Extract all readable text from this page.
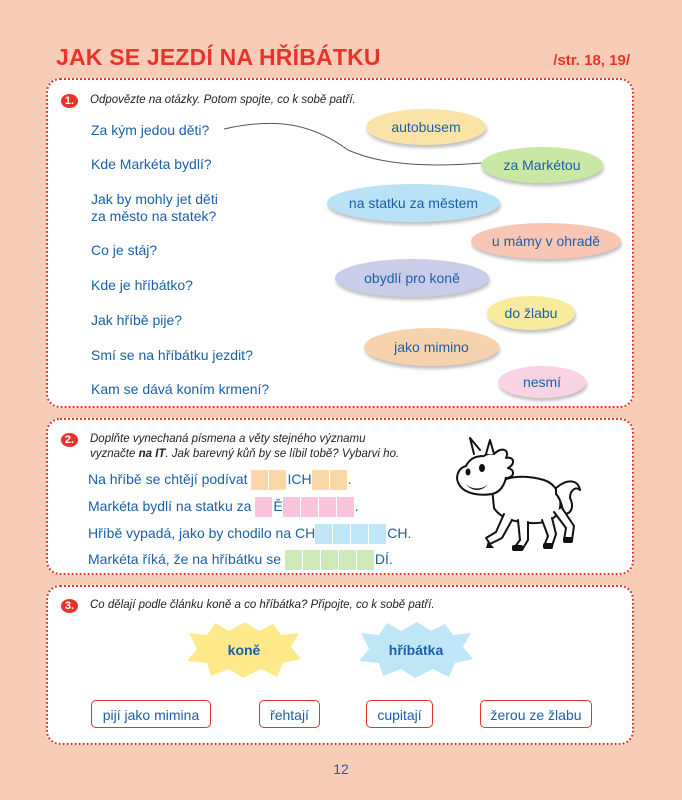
JAK SE JEZDÍ NA HŘÍBÁTKU	/str. 18, 19/
1.	Odpovězte na otázky. Potom spojte, co k sobě patří.
Za kým jedou děti?
Kde Markéta bydlí?
Jak by mohly jet děti
za město na statek?
Co je stáj?
Kde je hříbátko?
Jak hříbě pije?
Smí se na hříbátku jezdit?
Kam se dává koním krmení?
autobusem
za Markétou
na statku za městem
u mámy v ohradě
obydlí pro koně
do žlabu
jako mimino
nesmí
2.	Doplňte vynechaná písmena a věty stejného významu
vyznačte na IT. Jak barevný kůň by se líbil tobě? Vybarvi ho.
Na hříbě se chtějí podívat	ICH	.
Markéta bydlí na statku za Ě	.
Hříbě vypadá, jako by chodilo na CH	CH.
Markéta říká, že na hříbátku se	DÍ.
3.	Co dělají podle článku koně a co hříbátka? Připojte, co k sobě patří.
koně	hříbátka
pijí jako mimina	řehtají	cupitají	žerou ze žlabu
12
